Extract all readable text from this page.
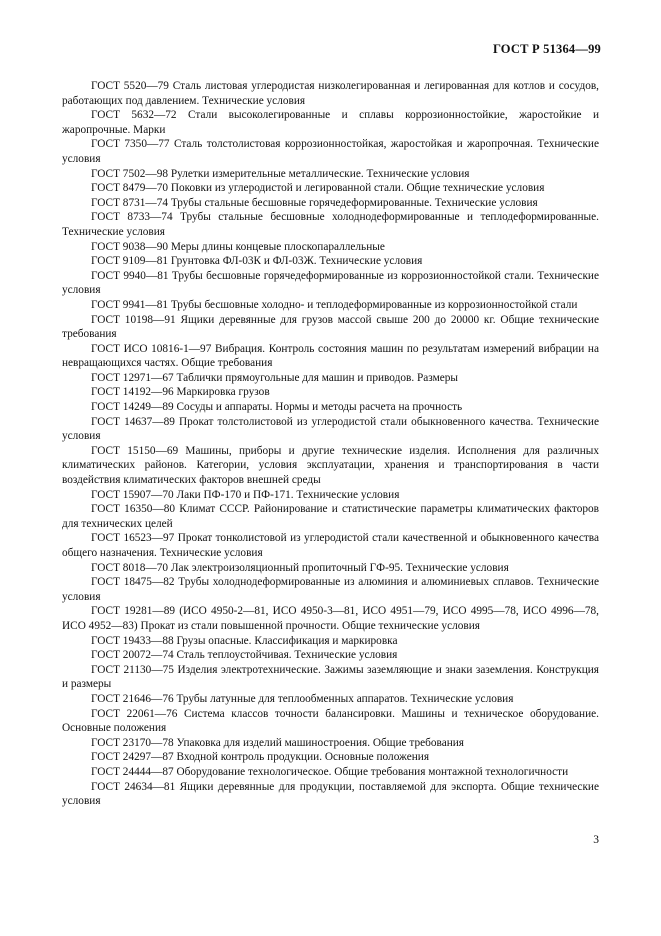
ГОСТ Р 51364—99

ГОСТ 5520—79 Сталь листовая углеродистая низколегированная и легированная для котлов и сосудов, работающих под давлением. Технические условия

ГОСТ 5632—72 Стали высоколегированные и сплавы коррозионностойкие, жаростойкие и жаропрочные. Марки

ГОСТ 7350—77 Сталь толстолистовая коррозионностойкая, жаростойкая и жаропрочная. Технические условия

ГОСТ 7502—98 Рулетки измерительные металлические. Технические условия

ГОСТ 8479—70 Поковки из углеродистой и легированной стали. Общие технические условия

ГОСТ 8731—74 Трубы стальные бесшовные горячедеформированные. Технические условия

ГОСТ 8733—74 Трубы стальные бесшовные холоднодеформированные и теплодеформированные. Технические условия

ГОСТ 9038—90 Меры длины концевые плоскопараллельные

ГОСТ 9109—81 Грунтовка ФЛ-03К и ФЛ-03Ж. Технические условия

ГОСТ 9940—81 Трубы бесшовные горячедеформированные из коррозионностойкой стали. Технические условия

ГОСТ 9941—81 Трубы бесшовные холодно- и теплодеформированные из коррозионностойкой стали

ГОСТ 10198—91 Ящики деревянные для грузов массой свыше 200 до 20000 кг. Общие технические требования

ГОСТ ИСО 10816-1—97 Вибрация. Контроль состояния машин по результатам измерений вибрации на невращающихся частях. Общие требования

ГОСТ 12971—67 Таблички прямоугольные для машин и приводов. Размеры

ГОСТ 14192—96 Маркировка грузов

ГОСТ 14249—89 Сосуды и аппараты. Нормы и методы расчета на прочность

ГОСТ 14637—89 Прокат толстолистовой из углеродистой стали обыкновенного качества. Технические условия

ГОСТ 15150—69 Машины, приборы и другие технические изделия. Исполнения для различных климатических районов. Категории, условия эксплуатации, хранения и транспортирования в части воздействия климатических факторов внешней среды

ГОСТ 15907—70 Лаки ПФ-170 и ПФ-171. Технические условия

ГОСТ 16350—80 Климат СССР. Районирование и статистические параметры климатических факторов для технических целей

ГОСТ 16523—97 Прокат тонколистовой из углеродистой стали качественной и обыкновенного качества общего назначения. Технические условия

ГОСТ 8018—70 Лак электроизоляционный пропиточный ГФ-95. Технические условия

ГОСТ 18475—82 Трубы холоднодеформированные из алюминия и алюминиевых сплавов. Технические условия

ГОСТ 19281—89 (ИСО 4950-2—81, ИСО 4950-3—81, ИСО 4951—79, ИСО 4995—78, ИСО 4996—78, ИСО 4952—83) Прокат из стали повышенной прочности. Общие технические условия

ГОСТ 19433—88 Грузы опасные. Классификация и маркировка

ГОСТ 20072—74 Сталь теплоустойчивая. Технические условия

ГОСТ 21130—75 Изделия электротехнические. Зажимы заземляющие и знаки заземления. Конструкция и размеры

ГОСТ 21646—76 Трубы латунные для теплообменных аппаратов. Технические условия

ГОСТ 22061—76 Система классов точности балансировки. Машины и техническое оборудование. Основные положения

ГОСТ 23170—78 Упаковка для изделий машиностроения. Общие требования

ГОСТ 24297—87 Входной контроль продукции. Основные положения

ГОСТ 24444—87 Оборудование технологическое. Общие требования монтажной технологичности

ГОСТ 24634—81 Ящики деревянные для продукции, поставляемой для экспорта. Общие технические условия

3
